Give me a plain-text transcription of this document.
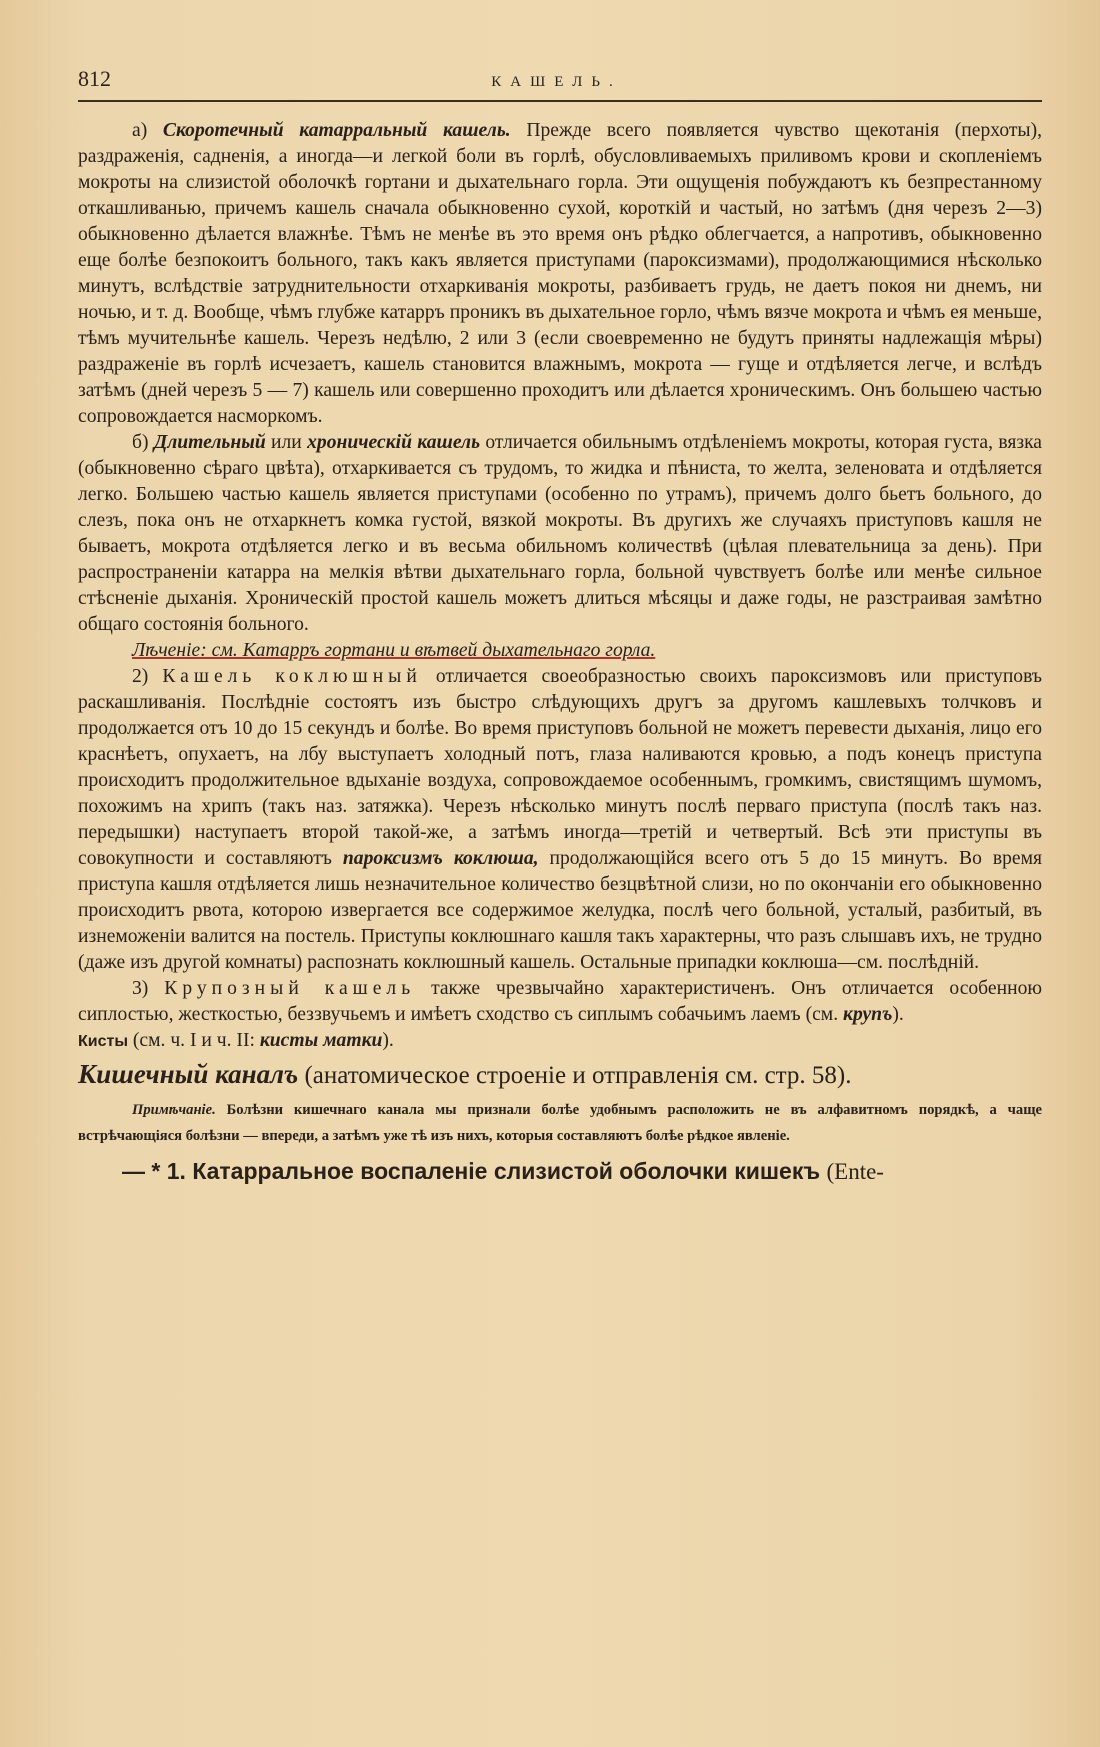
812	КАШЕЛЬ.

а) Скоротечный катарральный кашель. Прежде всего появляется чувство щекотанія (перхоты), раздраженія, садненія, а иногда—и легкой боли въ горлѣ, обусловливаемыхъ приливомъ крови и скопленіемъ мокроты на слизистой оболочкѣ гортани и дыхательнаго горла. Эти ощущенія побуждаютъ къ безпрестанному откашливанью, причемъ кашель сначала обыкновенно сухой, короткій и частый, но затѣмъ (дня черезъ 2—3) обыкновенно дѣлается влажнѣе. Тѣмъ не менѣе въ это время онъ рѣдко облегчается, а напротивъ, обыкновенно еще болѣе безпокоитъ больного, такъ какъ является приступами (пароксизмами), продолжающимися нѣсколько минутъ, вслѣдствіе затруднительности отхаркиванія мокроты, разбиваетъ грудь, не даетъ покоя ни днемъ, ни ночью, и т. д. Вообще, чѣмъ глубже катарръ проникъ въ дыхательное горло, чѣмъ вязче мокрота и чѣмъ ея меньше, тѣмъ мучительнѣе кашель. Черезъ недѣлю, 2 или 3 (если своевременно не будутъ приняты надлежащія мѣры) раздраженіе въ горлѣ исчезаетъ, кашель становится влажнымъ, мокрота — гуще и отдѣляется легче, и вслѣдъ затѣмъ (дней черезъ 5 — 7) кашель или совершенно проходитъ или дѣлается хроническимъ. Онъ большею частью сопровождается насморкомъ.

б) Длительный или хроническій кашель отличается обильнымъ отдѣленіемъ мокроты, которая густа, вязка (обыкновенно сѣраго цвѣта), отхаркивается съ трудомъ, то жидка и пѣниста, то желта, зеленовата и отдѣляется легко. Большею частью кашель является приступами (особенно по утрамъ), причемъ долго бьетъ больного, до слезъ, пока онъ не отхаркнетъ комка густой, вязкой мокроты. Въ другихъ же случаяхъ приступовъ кашля не бываетъ, мокрота отдѣляется легко и въ весьма обильномъ количествѣ (цѣлая плевательница за день). При распространеніи катарра на мелкія вѣтви дыхательнаго горла, больной чувствуетъ болѣе или менѣе сильное стѣсненіе дыханія. Хроническій простой кашель можетъ длиться мѣсяцы и даже годы, не разстраивая замѣтно общаго состоянія больного.

Лѣченіе: см. Катарръ гортани и вѣтвей дыхательнаго горла.

2) Кашель коклюшный отличается своеобразностью своихъ пароксизмовъ или приступовъ раскашливанія. Послѣдніе состоятъ изъ быстро слѣдующихъ другъ за другомъ кашлевыхъ толчковъ и продолжается отъ 10 до 15 секундъ и болѣе. Во время приступовъ больной не можетъ перевести дыханія, лицо его краснѣетъ, опухаетъ, на лбу выступаетъ холодный потъ, глаза наливаются кровью, а подъ конецъ приступа происходитъ продолжительное вдыханіе воздуха, сопровождаемое особеннымъ, громкимъ, свистящимъ шумомъ, похожимъ на хрипъ (такъ наз. затяжка). Черезъ нѣсколько минутъ послѣ перваго приступа (послѣ такъ наз. передышки) наступаетъ второй такой-же, а затѣмъ иногда—третій и четвертый. Всѣ эти приступы въ совокупности и составляютъ пароксизмъ коклюша, продолжающійся всего отъ 5 до 15 минутъ. Во время приступа кашля отдѣляется лишь незначительное количество безцвѣтной слизи, но по окончаніи его обыкновенно происходитъ рвота, которою извергается все содержимое желудка, послѣ чего больной, усталый, разбитый, въ изнеможеніи валится на постель. Приступы коклюшнаго кашля такъ характерны, что разъ слышавъ ихъ, не трудно (даже изъ другой комнаты) распознать коклюшный кашель. Остальные припадки коклюша—см. послѣдній.

3) Крупозный кашель также чрезвычайно характеристиченъ. Онъ отличается особенною сиплостью, жесткостью, беззвучьемъ и имѣетъ сходство съ сиплымъ собачьимъ лаемъ (см. крупъ).

Кисты (см. ч. I и ч. II: кисты матки).

Кишечный каналъ (анатомическое строеніе и отправленія см. стр. 58).

Примѣчаніе. Болѣзни кишечнаго канала мы признали болѣе удобнымъ расположить не въ алфавитномъ порядкѣ, а чаще встрѣчающіяся болѣзни — впереди, а затѣмъ уже тѣ изъ нихъ, которыя составляютъ болѣе рѣдкое явленіе.

— * 1. Катарральное воспаленіе слизистой оболочки кишекъ (Ente-
